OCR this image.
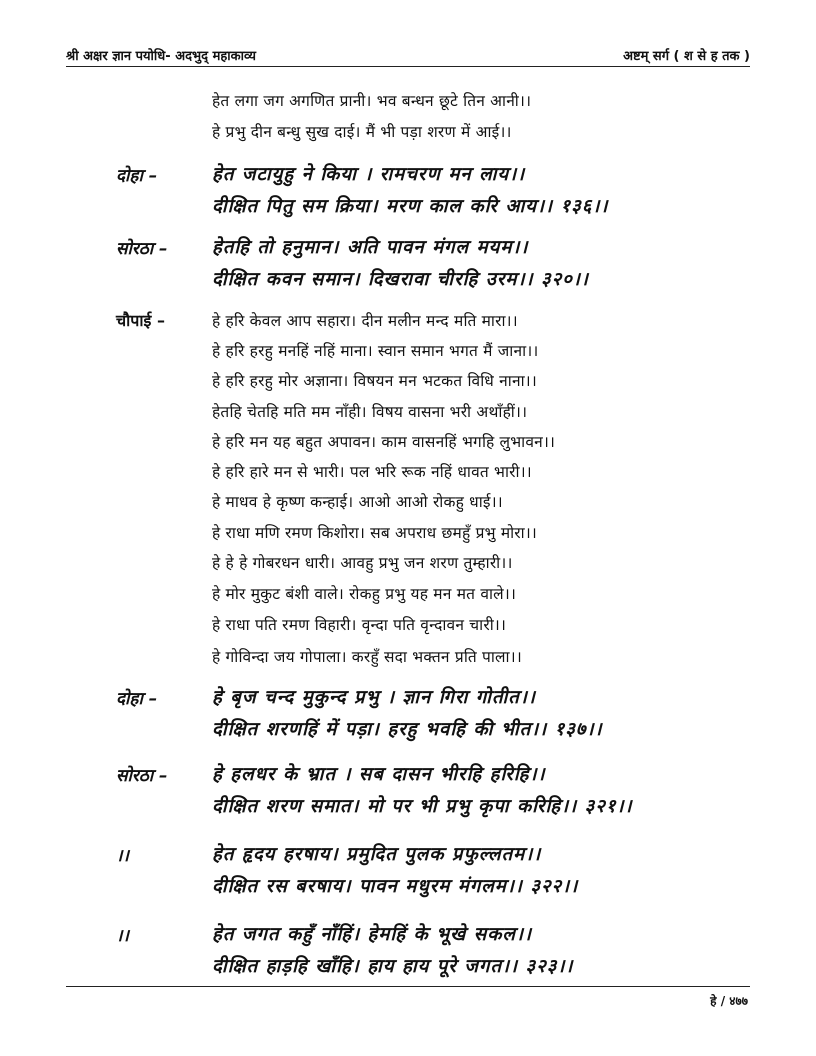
श्री अक्षर ज्ञान पयोधि- अदभुद् महाकाव्य	अष्टम् सर्ग ( श से ह तक )
हेत लगा जग अगणित प्रानी। भव बन्धन छूटे तिन आनी।।
हे प्रभु दीन बन्धु सुख दाई। मैं भी पड़ा शरण में आई।।
दोहा –	हेत जटायुहु ने किया । रामचरण मन लाय।।
दीक्षित पितु सम क्रिया। मरण काल करि आय।। १३६।।
सोरठा – हेतहि तो हनुमान। अति पावन मंगल मयम।।
दीक्षित कवन समान। दिखरावा चीरहि उरम।। ३२०।।
चौपाई –	हे हरि केवल आप सहारा। दीन मलीन मन्द मति मारा।।
हे हरि हरहु मनहिं नहिं माना। स्वान समान भगत मैं जाना।।
हे हरि हरहु मोर अज्ञाना। विषयन मन भटकत विधि नाना।।
हेतहि चेतहि मति मम नाँही। विषय वासना भरी अथाँहीं।।
हे हरि मन यह बहुत अपावन। काम वासनहिं भगहि लुभावन।।
हे हरि हारे मन से भारी। पल भरि रूक नहिं धावत भारी।।
हे माधव हे कृष्ण कन्हाई। आओ आओ रोकहु धाई।।
हे राधा मणि रमण किशोरा। सब अपराध छमहुँ प्रभु मोरा।।
हे हे हे गोबरधन धारी। आवहु प्रभु जन शरण तुम्हारी।।
हे मोर मुकुट बंशी वाले। रोकहु प्रभु यह मन मत वाले।।
हे राधा पति रमण विहारी। वृन्दा पति वृन्दावन चारी।।
हे गोविन्दा जय गोपाला। करहुँ सदा भक्तन प्रति पाला।।
दोहा –	हे बृज चन्द मुकुन्द प्रभु । ज्ञान गिरा गोतीत।।
दीक्षित शरणहिं में पड़ा। हरहु भवहि की भीत।। १३७।।
सोरठा – हे हलधर के भ्रात । सब दासन भीरहि हरिहि।।
दीक्षित शरण समात। मो पर भी प्रभु कृपा करिहि।। ३२१।।
।।	हेत हृदय हरषाय। प्रमुदित पुलक प्रफुल्लतम।।
दीक्षित रस बरषाय। पावन मधुरम मंगलम।। ३२२।।
।।	हेत जगत कहुँ नाँहिं। हेमहिं के भूखे सकल।।
दीक्षित हाड़हि खाँहि। हाय हाय पूरे जगत।। ३२३।।
हे / ४७७
